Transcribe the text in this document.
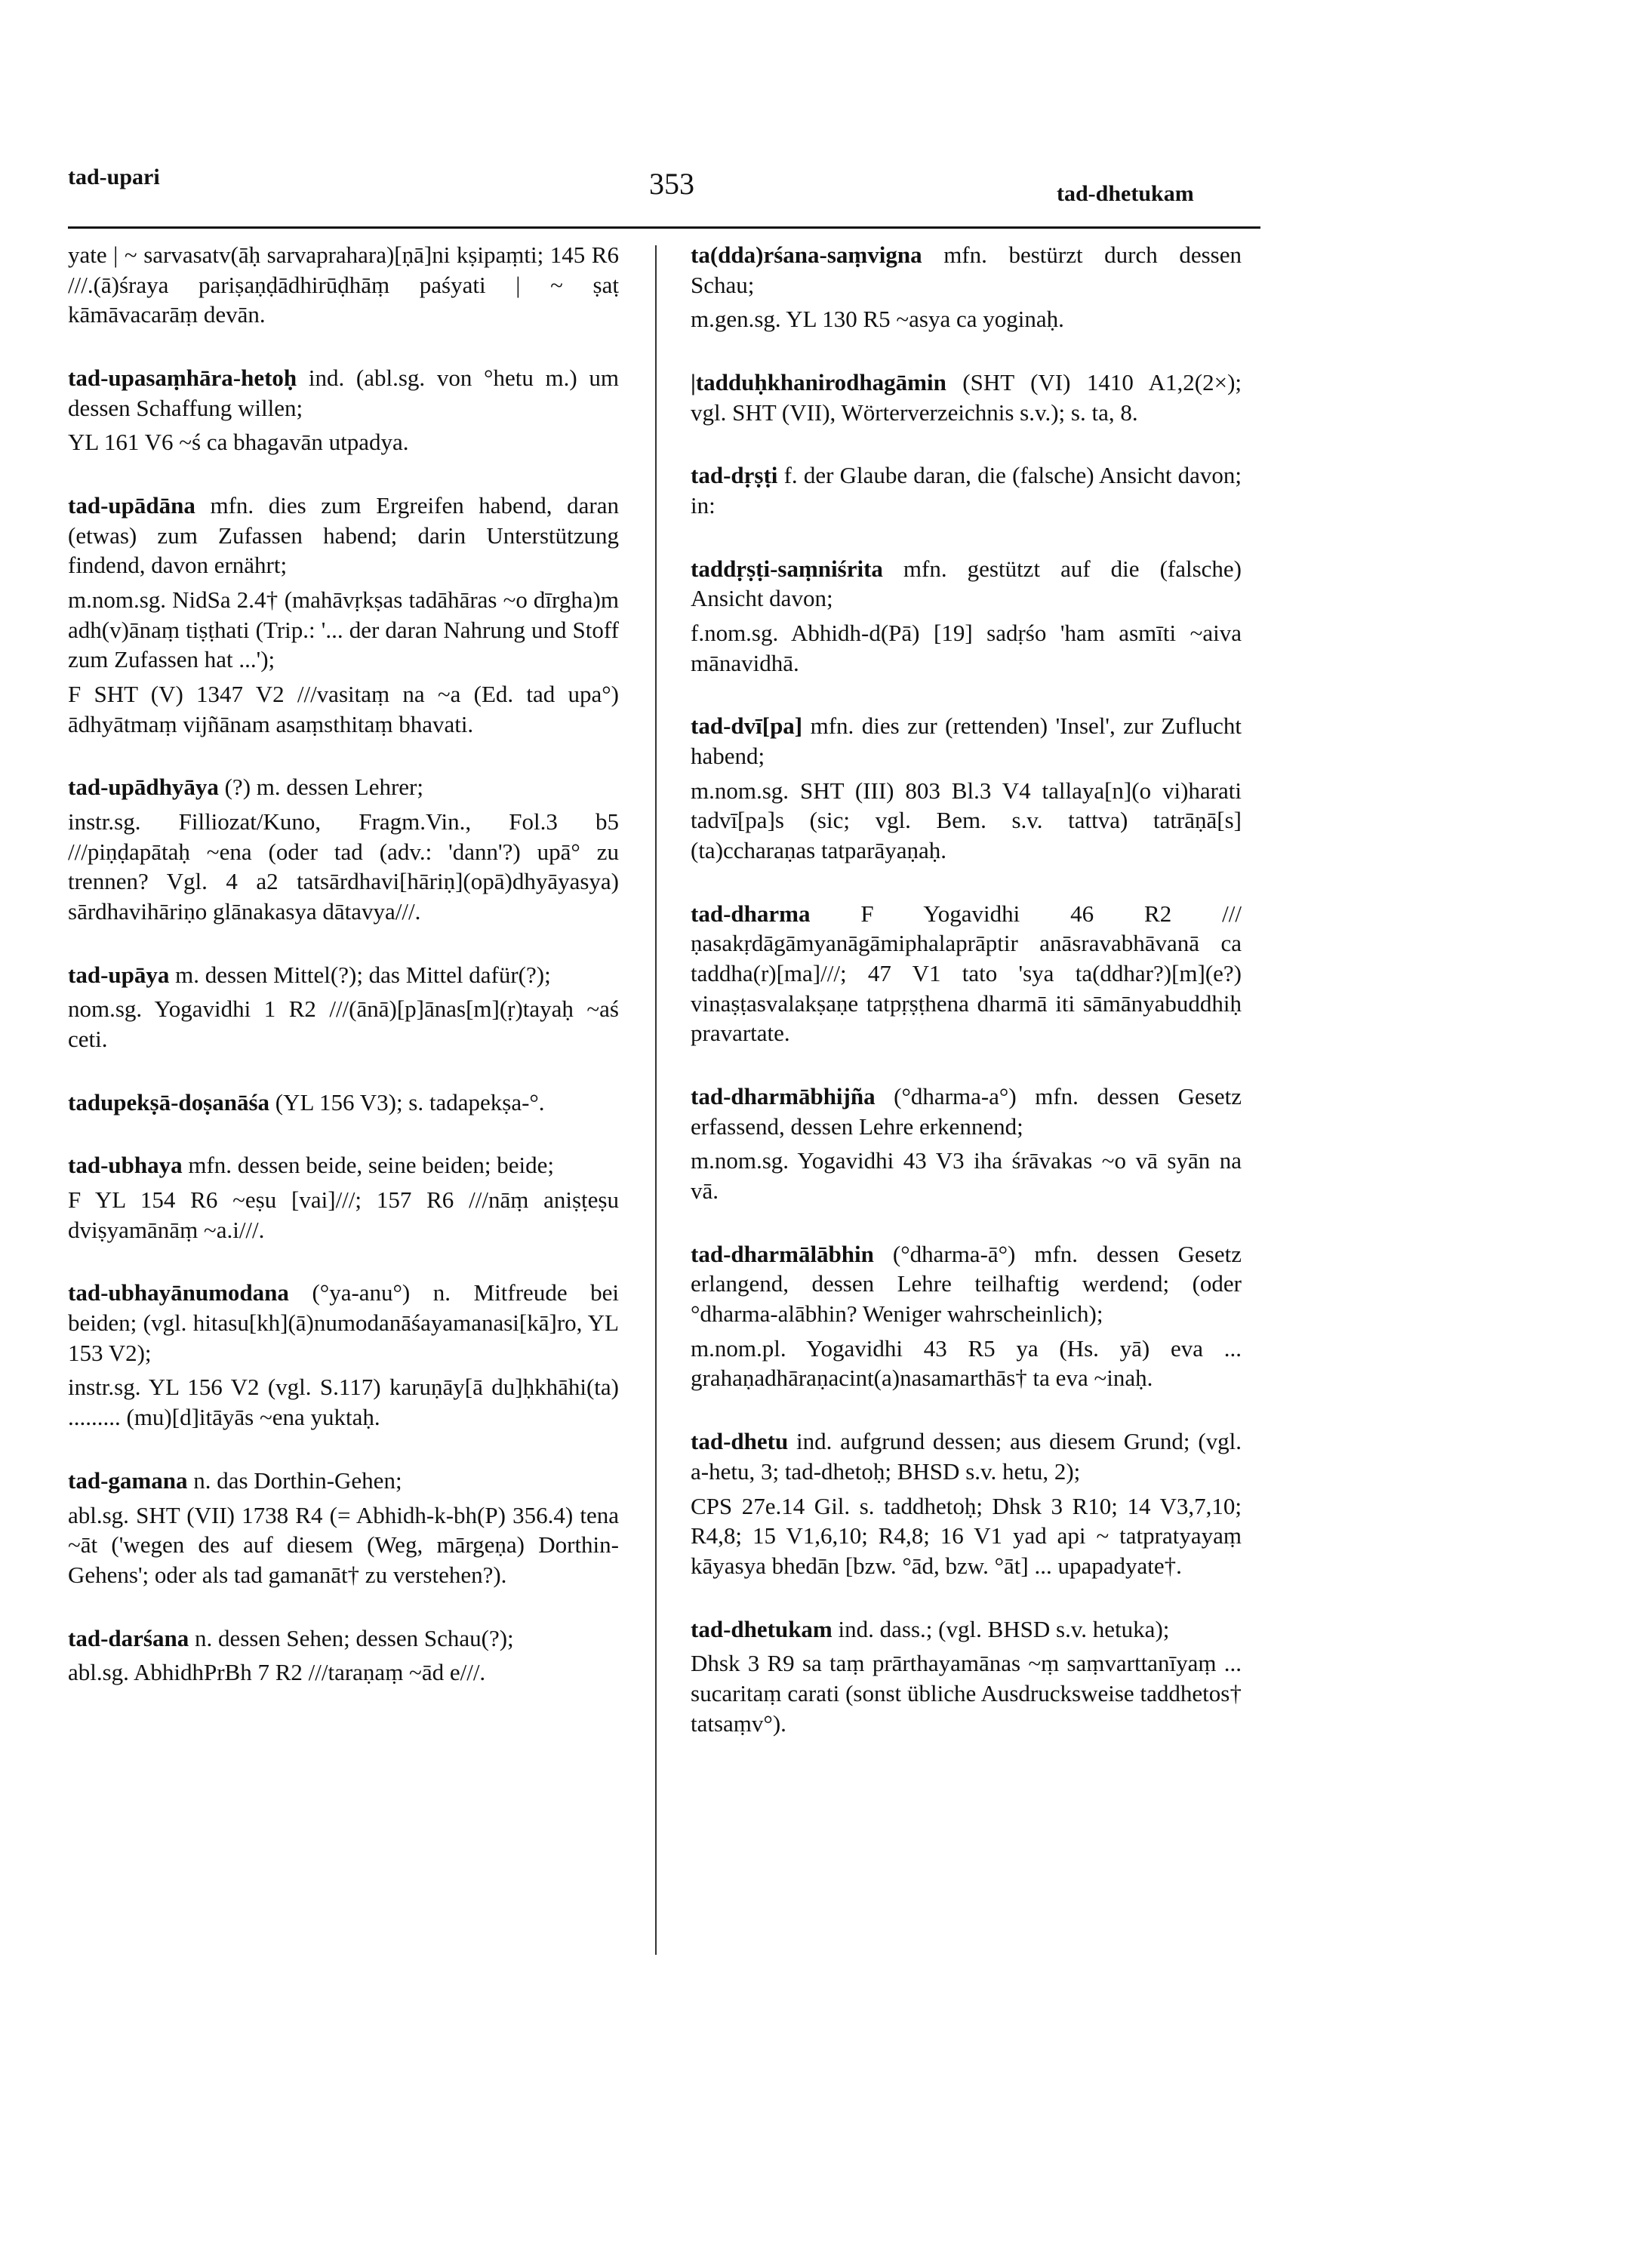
tad-upari	353	tad-dhetukam

yate | ~ sarvasatv(āḥ sarvaprahara)[ṇā]ni kṣipaṃti; 145 R6 ///.(ā)śraya pariṣaṇḍādhirūḍhāṃ paśyati | ~ ṣaṭ kāmāvacarāṃ devān.

tad-upasaṃhāra-hetoḥ ind. (abl.sg. von °hetu m.) um dessen Schaffung willen;

YL 161 V6 ~ś ca bhagavān utpadya.

tad-upādāna mfn. dies zum Ergreifen habend, daran (etwas) zum Zufassen habend; darin Unterstützung findend, davon ernährt;

m.nom.sg. NidSa 2.4† (mahāvṛkṣas tadāhāras ~o dīrgha)m adh(v)ānaṃ tiṣṭhati (Trip.: '... der daran Nahrung und Stoff zum Zufassen hat ...');

F SHT (V) 1347 V2 ///vasitaṃ na ~a (Ed. tad upa°) ādhyātmaṃ vijñānam asaṃsthitaṃ bhavati.

tad-upādhyāya (?) m. dessen Lehrer;

instr.sg. Filliozat/Kuno, Fragm.Vin., Fol.3 b5 ///piṇḍapātaḥ ~ena (oder tad (adv.: 'dann'?) upā° zu trennen? Vgl. 4 a2 tatsārdhavi[hāriṇ](opā)dhyāyasya) sārdhavihāriṇo glānakasya dātavya///.

tad-upāya m. dessen Mittel(?); das Mittel dafür(?);

nom.sg. Yogavidhi 1 R2 ///(ānā)[p]ānas[m](ṛ)tayaḥ ~aś ceti.

tadupekṣā-doṣanāśa (YL 156 V3); s. tadapekṣa-°.

tad-ubhaya mfn. dessen beide, seine beiden; beide;

F YL 154 R6 ~eṣu [vai]///; 157 R6 ///nāṃ aniṣṭeṣu dviṣyamānāṃ ~a.i///.

tad-ubhayānumodana (°ya-anu°) n. Mitfreude bei beiden; (vgl. hitasu[kh](ā)numodanāśayamanasi[kā]ro, YL 153 V2);

instr.sg. YL 156 V2 (vgl. S.117) karuṇāy[ā du]ḥkhāhi(ta) ......... (mu)[d]itāyās ~ena yuktaḥ.

tad-gamana n. das Dorthin-Gehen;

abl.sg. SHT (VII) 1738 R4 (= Abhidh-k-bh(P) 356.4) tena ~āt ('wegen des auf diesem (Weg, mārgeṇa) Dorthin-Gehens'; oder als tad gamanāt† zu verstehen?).

tad-darśana n. dessen Sehen; dessen Schau(?);

abl.sg. AbhidhPrBh 7 R2 ///taraṇaṃ ~ād e///.

ta(dda)rśana-saṃvigna mfn. bestürzt durch dessen Schau;

m.gen.sg. YL 130 R5 ~asya ca yoginaḥ.

|tadduḥkhanirodhagāmin (SHT (VI) 1410 A1,2(2×); vgl. SHT (VII), Wörterverzeichnis s.v.); s. ta, 8.

tad-dṛṣṭi f. der Glaube daran, die (falsche) Ansicht davon; in:

taddṛṣṭi-saṃniśrita mfn. gestützt auf die (falsche) Ansicht davon;

f.nom.sg. Abhidh-d(Pā) [19] sadṛśo 'ham asmīti ~aiva mānavidhā.

tad-dvī[pa] mfn. dies zur (rettenden) 'Insel', zur Zuflucht habend;

m.nom.sg. SHT (III) 803 Bl.3 V4 tallaya[n](o vi)harati tadvī[pa]s (sic; vgl. Bem. s.v. tattva) tatrāṇā[s] (ta)ccharaṇas tatparāyaṇaḥ.

tad-dharma F Yogavidhi 46 R2 ///ṇasakṛdāgāmyanāgāmiphalaprāptir anāsravabhāvanā ca taddha(r)[ma]///; 47 V1 tato 'sya ta(ddhar?)[m](e?) vinaṣṭasvalakṣaṇe tatpṛṣṭhena dharmā iti sāmānyabuddhiḥ pravartate.

tad-dharmābhijña (°dharma-a°) mfn. dessen Gesetz erfassend, dessen Lehre erkennend;

m.nom.sg. Yogavidhi 43 V3 iha śrāvakas ~o vā syān na vā.

tad-dharmālābhin (°dharma-ā°) mfn. dessen Gesetz erlangend, dessen Lehre teilhaftig werdend; (oder °dharma-alābhin? Weniger wahrscheinlich);

m.nom.pl. Yogavidhi 43 R5 ya (Hs. yā) eva ... grahaṇadhāraṇacint(a)nasamarthās† ta eva ~inaḥ.

tad-dhetu ind. aufgrund dessen; aus diesem Grund; (vgl. a-hetu, 3; tad-dhetoḥ; BHSD s.v. hetu, 2);

CPS 27e.14 Gil. s. taddhetoḥ; Dhsk 3 R10; 14 V3,7,10; R4,8; 15 V1,6,10; R4,8; 16 V1 yad api ~ tatpratyayaṃ kāyasya bhedān [bzw. °ād, bzw. °āt] ... upapadyate†.

tad-dhetukam ind. dass.; (vgl. BHSD s.v. hetuka);

Dhsk 3 R9 sa taṃ prārthayamānas ~ṃ saṃvarttanīyaṃ ... sucaritaṃ carati (sonst übliche Ausdrucksweise taddhetos† tatsaṃv°).
